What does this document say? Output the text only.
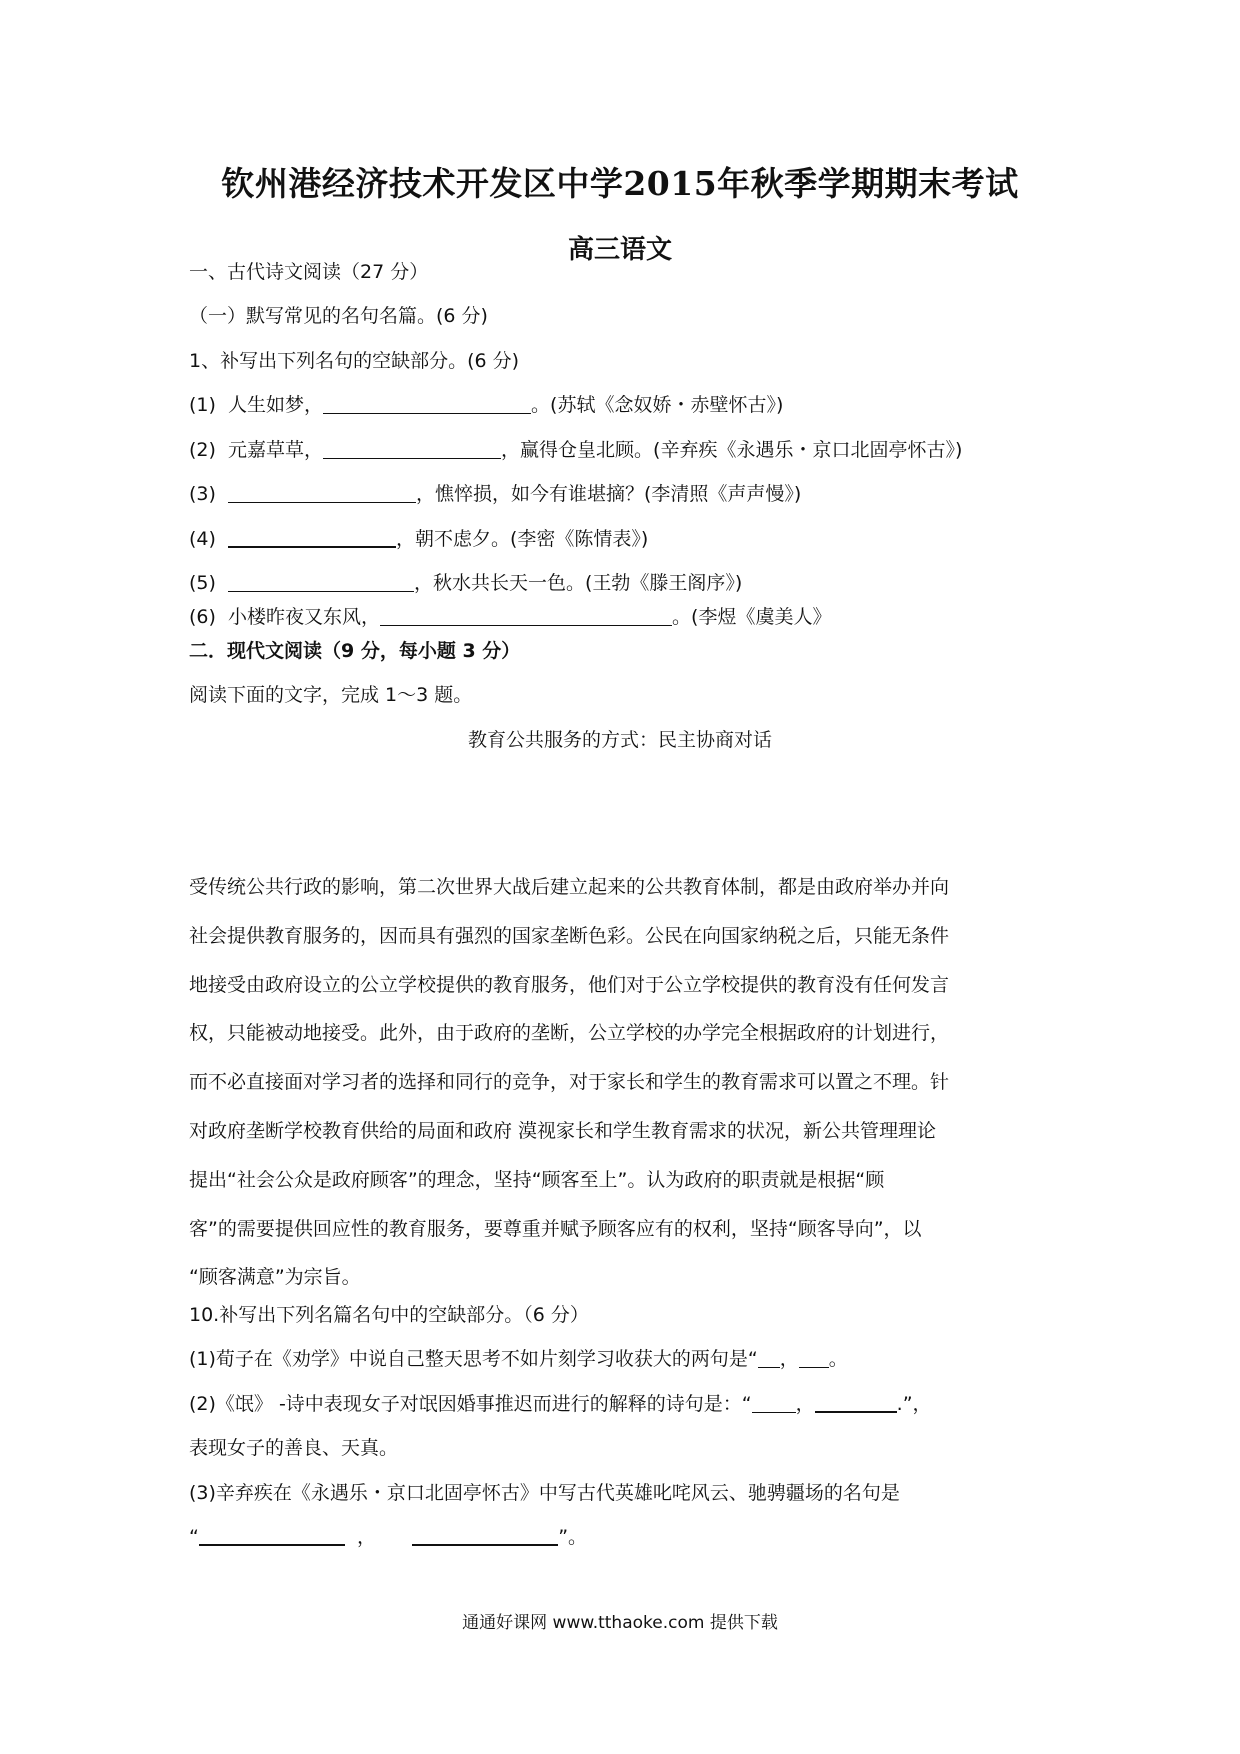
钦州港经济技术开发区中学2015年秋季学期期末考试
高三语文
一、古代诗文阅读（27 分）
（一）默写常见的名句名篇。(6 分)
1、补写出下列名句的空缺部分。(6 分)
(1) 人生如梦，	。(苏轼《念奴娇・赤壁怀古》)
(2) 元嘉草草，	，赢得仓皇北顾。(辛弃疾《永遇乐・京口北固亭怀古》)
(3)	，憔悴损，如今有谁堪摘？(李清照《声声慢》)
(4)	，朝不虑夕。(李密《陈情表》)
(5)	，秋水共长天一色。(王勃《滕王阁序》)
(6) 小楼昨夜又东风，	。(李煜《虞美人》
二．现代文阅读（9 分，每小题 3 分）
阅读下面的文字，完成 1～3 题。
教育公共服务的方式：民主协商对话
受传统公共行政的影响，第二次世界大战后建立起来的公共教育体制，都是由政府举办并向
社会提供教育服务的，因而具有强烈的国家垄断色彩。公民在向国家纳税之后，只能无条件
地接受由政府设立的公立学校提供的教育服务，他们对于公立学校提供的教育没有任何发言
权，只能被动地接受。此外，由于政府的垄断，公立学校的办学完全根据政府的计划进行，
而不必直接面对学习者的选择和同行的竞争，对于家长和学生的教育需求可以置之不理。针
对政府垄断学校教育供给的局面和政府 漠视家长和学生教育需求的状况，新公共管理理论
提出“社会公众是政府顾客”的理念，坚持“顾客至上”。认为政府的职责就是根据“顾
客”的需要提供回应性的教育服务，要尊重并赋予顾客应有的权利，坚持“顾客导向”，以
“顾客满意”为宗旨。
10.补写出下列名篇名句中的空缺部分。（6 分）
(1)荀子在《劝学》中说自己整天思考不如片刻学习收获大的两句是“ ， 。
(2)《氓》 -诗中表现女子对氓因婚事推迟而进行的解释的诗句是：“ ，	.”，
表现女子的善良、天真。
(3)辛弃疾在《永遇乐・京口北固亭怀古》中写古代英雄叱咤风云、驰骋疆场的名句是
“	，	”。
通通好课网 www.tthaoke.com 提供下载
